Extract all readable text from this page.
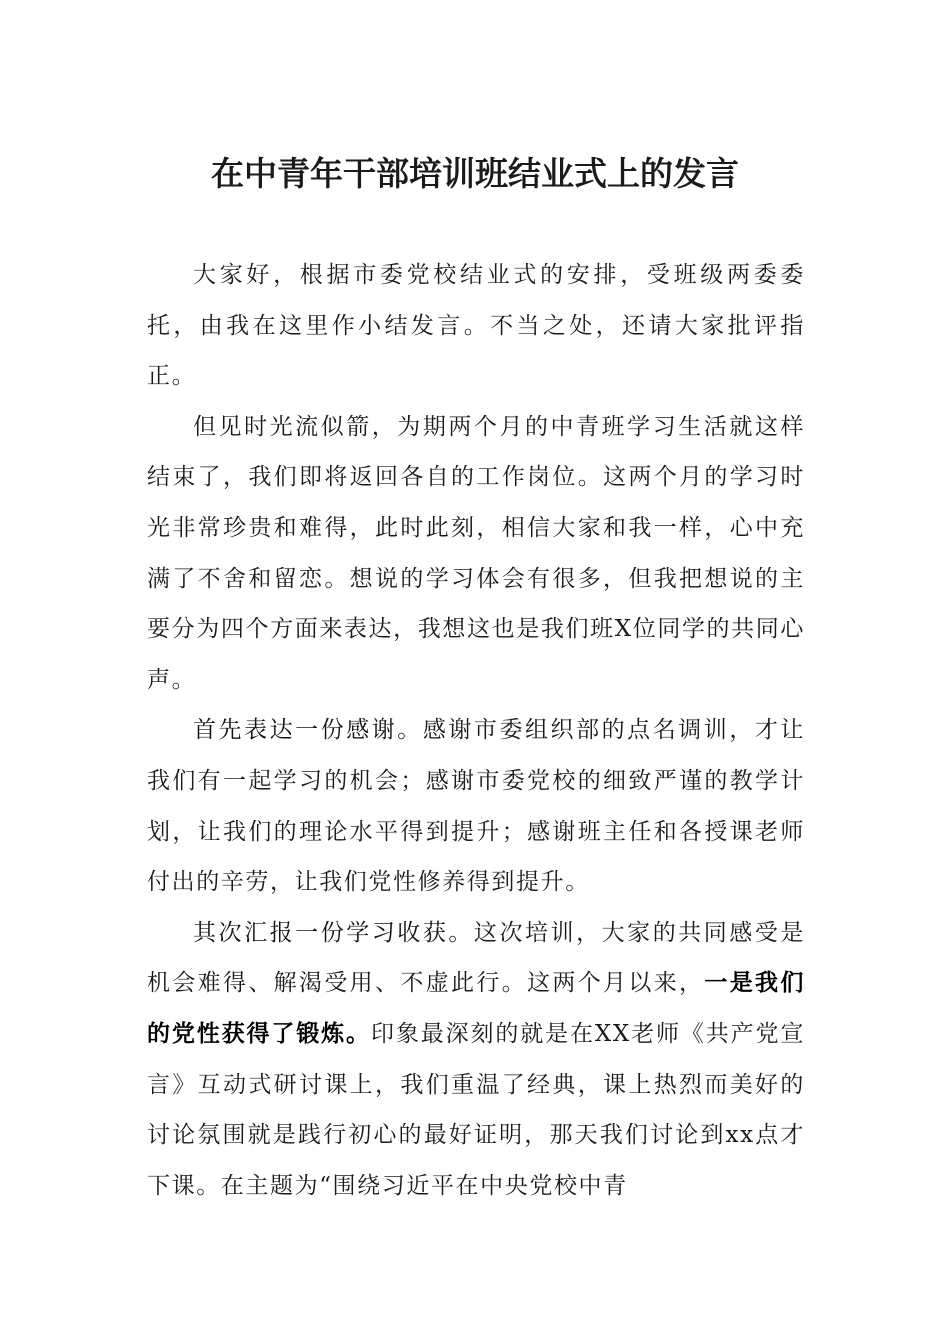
在中青年干部培训班结业式上的发言

大家好，根据市委党校结业式的安排，受班级两委委托，由我在这里作小结发言。不当之处，还请大家批评指正。

但见时光流似箭，为期两个月的中青班学习生活就这样结束了，我们即将返回各自的工作岗位。这两个月的学习时光非常珍贵和难得，此时此刻，相信大家和我一样，心中充满了不舍和留恋。想说的学习体会有很多，但我把想说的主要分为四个方面来表达，我想这也是我们班X位同学的共同心声。

首先表达一份感谢。感谢市委组织部的点名调训，才让我们有一起学习的机会；感谢市委党校的细致严谨的教学计划，让我们的理论水平得到提升；感谢班主任和各授课老师付出的辛劳，让我们党性修养得到提升。

其次汇报一份学习收获。这次培训，大家的共同感受是机会难得、解渴受用、不虚此行。这两个月以来，一是我们的党性获得了锻炼。印象最深刻的就是在XX老师《共产党宣言》互动式研讨课上，我们重温了经典，课上热烈而美好的讨论氛围就是践行初心的最好证明，那天我们讨论到xx点才下课。在主题为“围绕习近平在中央党校中青
